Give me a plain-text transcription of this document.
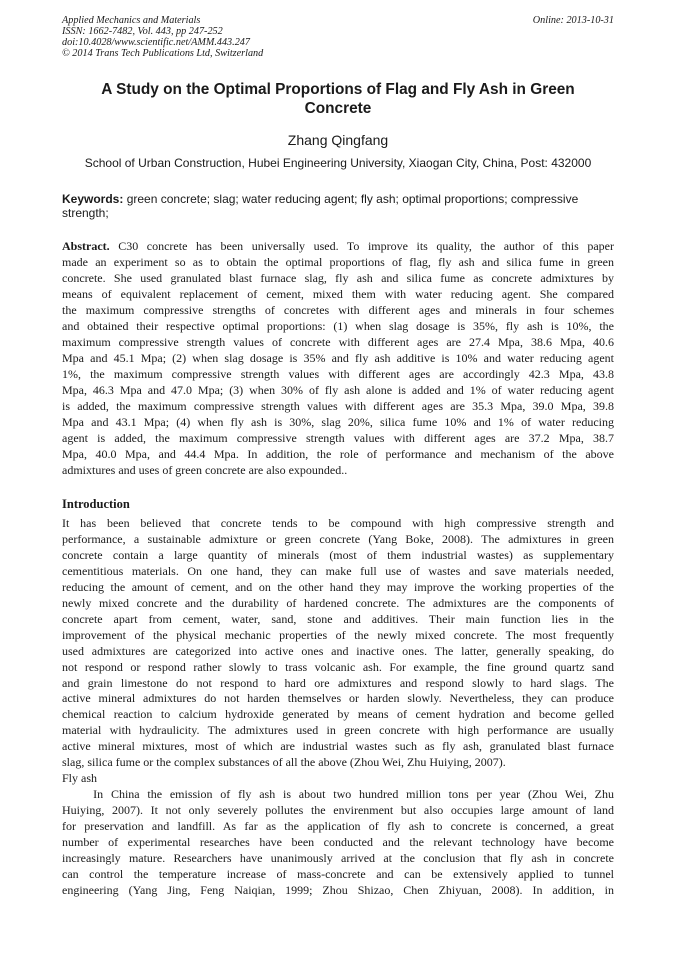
Applied Mechanics and Materials
ISSN: 1662-7482, Vol. 443, pp 247-252
doi:10.4028/www.scientific.net/AMM.443.247
© 2014 Trans Tech Publications Ltd, Switzerland
Online: 2013-10-31
A Study on the Optimal Proportions of Flag and Fly Ash in Green
Concrete
Zhang Qingfang
School of Urban Construction, Hubei Engineering University, Xiaogan City, China, Post: 432000
Keywords: green concrete; slag; water reducing agent; fly ash; optimal proportions; compressive strength;
Abstract. C30 concrete has been universally used. To improve its quality, the author of this paper
made an experiment so as to obtain the optimal proportions of flag, fly ash and silica fume in green
concrete. She used granulated blast furnace slag, fly ash and silica fume as concrete admixtures by
means of equivalent replacement of cement, mixed them with water reducing agent. She compared
the maximum compressive strengths of concretes with different ages and minerals in four schemes
and obtained their respective optimal proportions: (1) when slag dosage is 35%, fly ash is 10%, the
maximum compressive strength values of concrete with different ages are 27.4 Mpa, 38.6 Mpa, 40.6
Mpa and 45.1 Mpa; (2) when slag dosage is 35% and fly ash additive is 10% and water reducing agent
1%, the maximum compressive strength values with different ages are accordingly 42.3 Mpa, 43.8
Mpa, 46.3 Mpa and 47.0 Mpa; (3) when 30% of fly ash alone is added and 1% of water reducing agent
is added, the maximum compressive strength values with different ages are 35.3 Mpa, 39.0 Mpa, 39.8
Mpa and 43.1 Mpa; (4) when fly ash is 30%, slag 20%, silica fume 10% and 1% of water reducing
agent is added, the maximum compressive strength values with different ages are 37.2 Mpa, 38.7
Mpa, 40.0 Mpa, and 44.4 Mpa. In addition, the role of performance and mechanism of the above
admixtures and uses of green concrete are also expounded..
Introduction
It has been believed that concrete tends to be compound with high compressive strength and
performance, a sustainable admixture or green concrete (Yang Boke, 2008). The admixtures in green
concrete contain a large quantity of minerals (most of them industrial wastes) as supplementary
cementitious materials. On one hand, they can make full use of wastes and save materials needed,
reducing the amount of cement, and on the other hand they may improve the working properties of the
newly mixed concrete and the durability of hardened concrete. The admixtures are the components of
concrete apart from cement, water, sand, stone and additives. Their main function lies in the
improvement of the physical mechanic properties of the newly mixed concrete. The most frequently
used admixtures are categorized into active ones and inactive ones. The latter, generally speaking, do
not respond or respond rather slowly to trass volcanic ash. For example, the fine ground quartz sand
and grain limestone do not respond to hard ore admixtures and respond slowly to hard slags. The
active mineral admixtures do not harden themselves or harden slowly. Nevertheless, they can produce
chemical reaction to calcium hydroxide generated by means of cement hydration and become gelled
material with hydraulicity. The admixtures used in green concrete with high performance are usually
active mineral mixtures, most of which are industrial wastes such as fly ash, granulated blast furnace
slag, silica fume or the complex substances of all the above (Zhou Wei, Zhu Huiying, 2007).
Fly ash
In China the emission of fly ash is about two hundred million tons per year (Zhou Wei, Zhu
Huiying, 2007). It not only severely pollutes the envirenment but also occupies large amount of land
for preservation and landfill. As far as the application of fly ash to concrete is concerned, a great
number of experimental researches have been conducted and the relevant technology have become
increasingly mature. Researchers have unanimously arrived at the conclusion that fly ash in concrete
can control the temperature increase of mass-concrete and can be extensively applied to tunnel
engineering (Yang Jing, Feng Naiqian, 1999; Zhou Shizao, Chen Zhiyuan, 2008). In addition, in
